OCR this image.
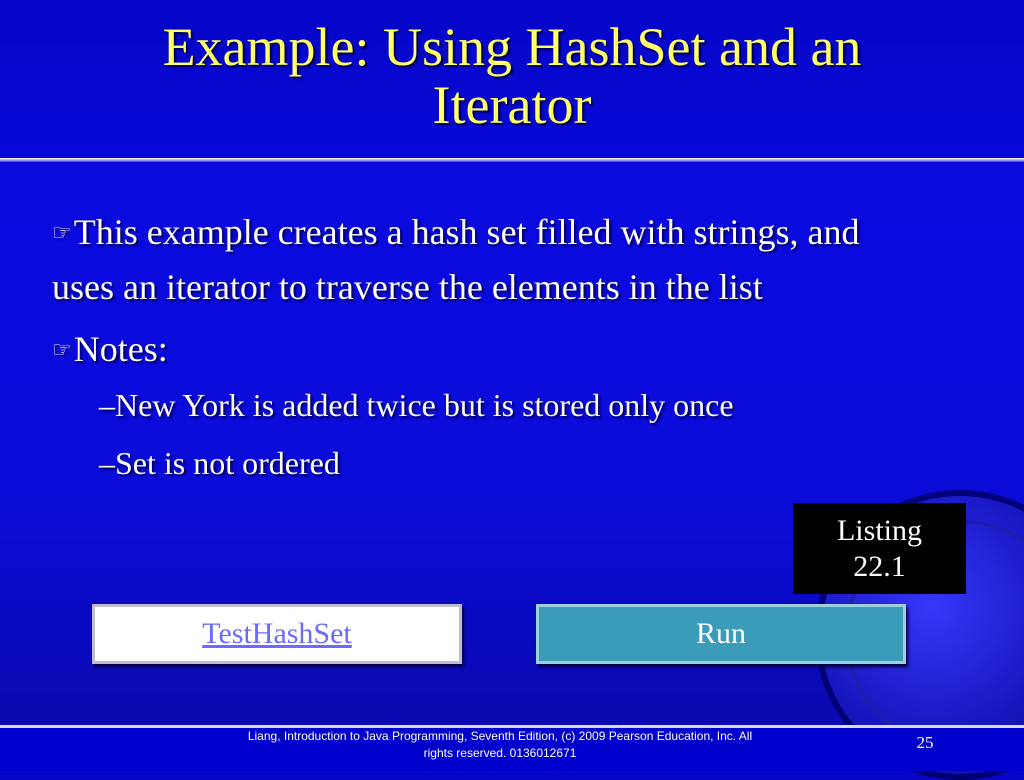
Example: Using HashSet and an
Iterator
☞This example creates a hash set filled with strings, and uses an iterator to traverse the elements in the list
☞Notes:
–New York is added twice but is stored only once
–Set is not ordered
Listing
22.1
TestHashSet	Run
Liang, Introduction to Java Programming, Seventh Edition, (c) 2009 Pearson Education, Inc. All
rights reserved. 0136012671
25
